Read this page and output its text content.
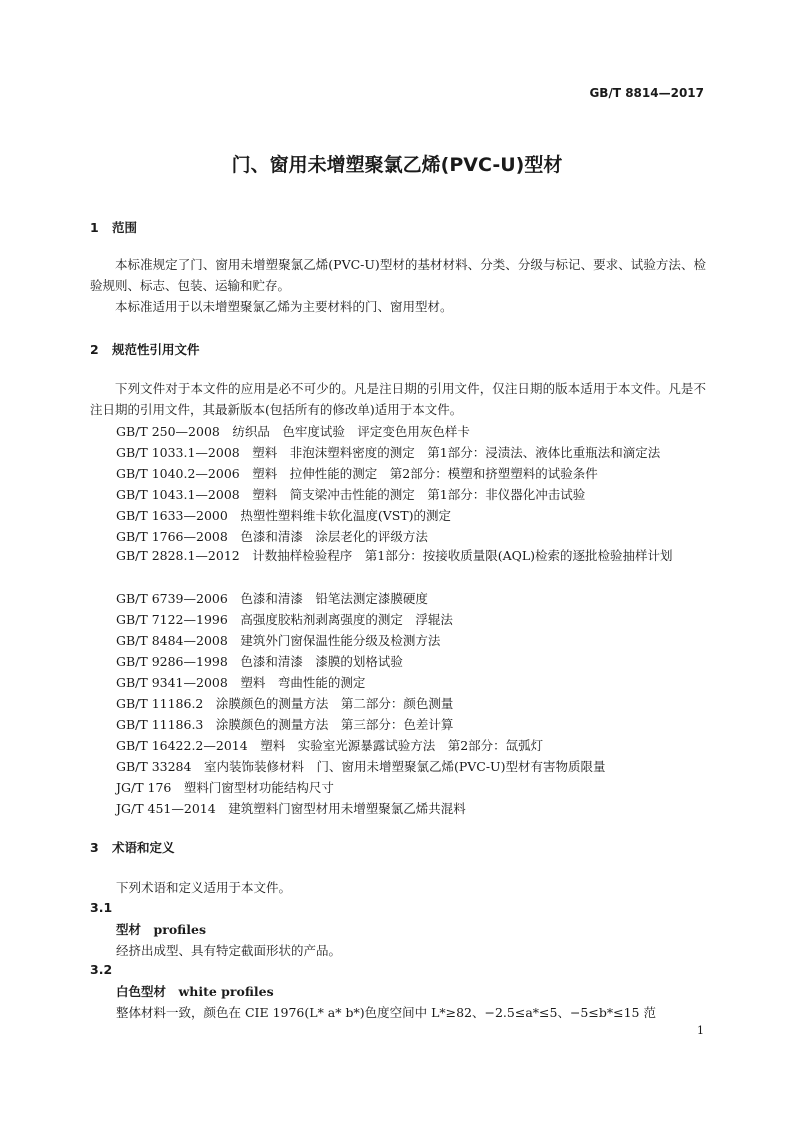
GB/T 8814—2017
门、窗用未增塑聚氯乙烯(PVC-U)型材
1 范围
本标准规定了门、窗用未增塑聚氯乙烯(PVC-U)型材的基材材料、分类、分级与标记、要求、试验方法、检验规则、标志、包装、运输和贮存。
本标准适用于以未增塑聚氯乙烯为主要材料的门、窗用型材。
2 规范性引用文件
下列文件对于本文件的应用是必不可少的。凡是注日期的引用文件，仅注日期的版本适用于本文件。凡是不注日期的引用文件，其最新版本(包括所有的修改单)适用于本文件。
GB/T 250—2008　纺织品　色牢度试验　评定变色用灰色样卡
GB/T 1033.1—2008　塑料　非泡沫塑料密度的测定　第1部分：浸渍法、液体比重瓶法和滴定法
GB/T 1040.2—2006　塑料　拉伸性能的测定　第2部分：模塑和挤塑塑料的试验条件
GB/T 1043.1—2008　塑料　简支梁冲击性能的测定　第1部分：非仪器化冲击试验
GB/T 1633—2000　热塑性塑料维卡软化温度(VST)的测定
GB/T 1766—2008　色漆和清漆　涂层老化的评级方法
GB/T 2828.1—2012　计数抽样检验程序　第1部分：按接收质量限(AQL)检索的逐批检验抽样计划
GB/T 6739—2006　色漆和清漆　铅笔法测定漆膜硬度
GB/T 7122—1996　高强度胶粘剂剥离强度的测定　浮辊法
GB/T 8484—2008　建筑外门窗保温性能分级及检测方法
GB/T 9286—1998　色漆和清漆　漆膜的划格试验
GB/T 9341—2008　塑料　弯曲性能的测定
GB/T 11186.2　涂膜颜色的测量方法　第二部分：颜色测量
GB/T 11186.3　涂膜颜色的测量方法　第三部分：色差计算
GB/T 16422.2—2014　塑料　实验室光源暴露试验方法　第2部分：氙弧灯
GB/T 33284　室内装饰装修材料　门、窗用未增塑聚氯乙烯(PVC-U)型材有害物质限量
JG/T 176　塑料门窗型材功能结构尺寸
JG/T 451—2014　建筑塑料门窗型材用未增塑聚氯乙烯共混料
3 术语和定义
下列术语和定义适用于本文件。
3.1
型材　profiles
经挤出成型、具有特定截面形状的产品。
3.2
白色型材　white profiles
整体材料一致，颜色在 CIE 1976(L* a* b*)色度空间中 L*≥82、−2.5≤a*≤5、−5≤b*≤15 范
1
